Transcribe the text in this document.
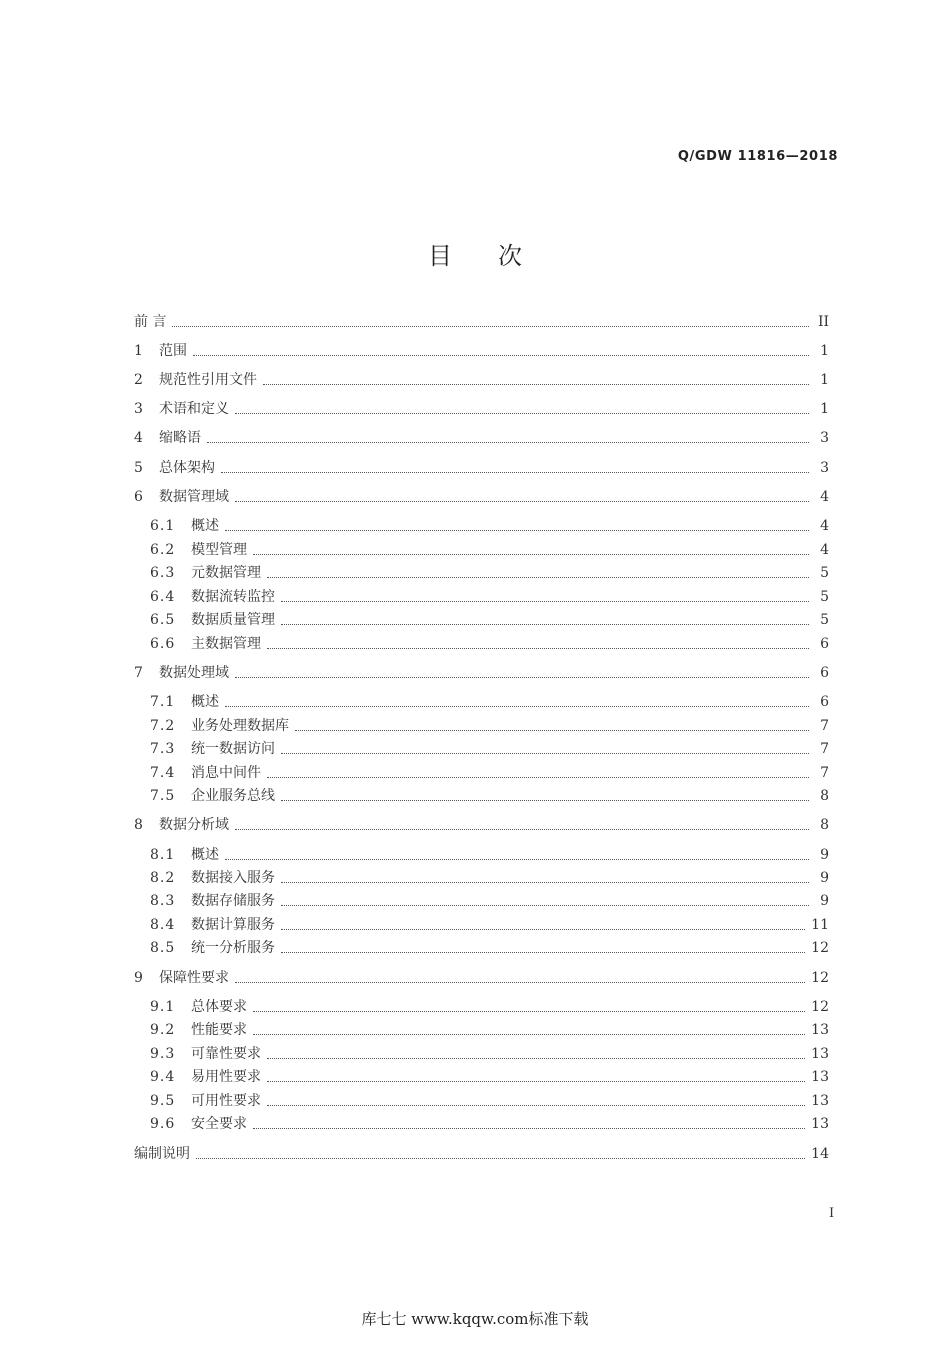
Q/GDW 11816—2018
目次
前 言	II
1	范围	1
2	规范性引用文件	1
3	术语和定义	1
4	缩略语	3
5	总体架构	3
6	数据管理域	4
6.1	概述	4
6.2	模型管理	4
6.3	元数据管理	5
6.4	数据流转监控	5
6.5	数据质量管理	5
6.6	主数据管理	6
7	数据处理域	6
7.1	概述	6
7.2	业务处理数据库	7
7.3	统一数据访问	7
7.4	消息中间件	7
7.5	企业服务总线	8
8	数据分析域	8
8.1	概述	9
8.2	数据接入服务	9
8.3	数据存储服务	9
8.4	数据计算服务	11
8.5	统一分析服务	12
9	保障性要求	12
9.1	总体要求	12
9.2	性能要求	13
9.3	可靠性要求	13
9.4	易用性要求	13
9.5	可用性要求	13
9.6	安全要求	13
编制说明	14
I
库七七 www.kqqw.com标准下载
